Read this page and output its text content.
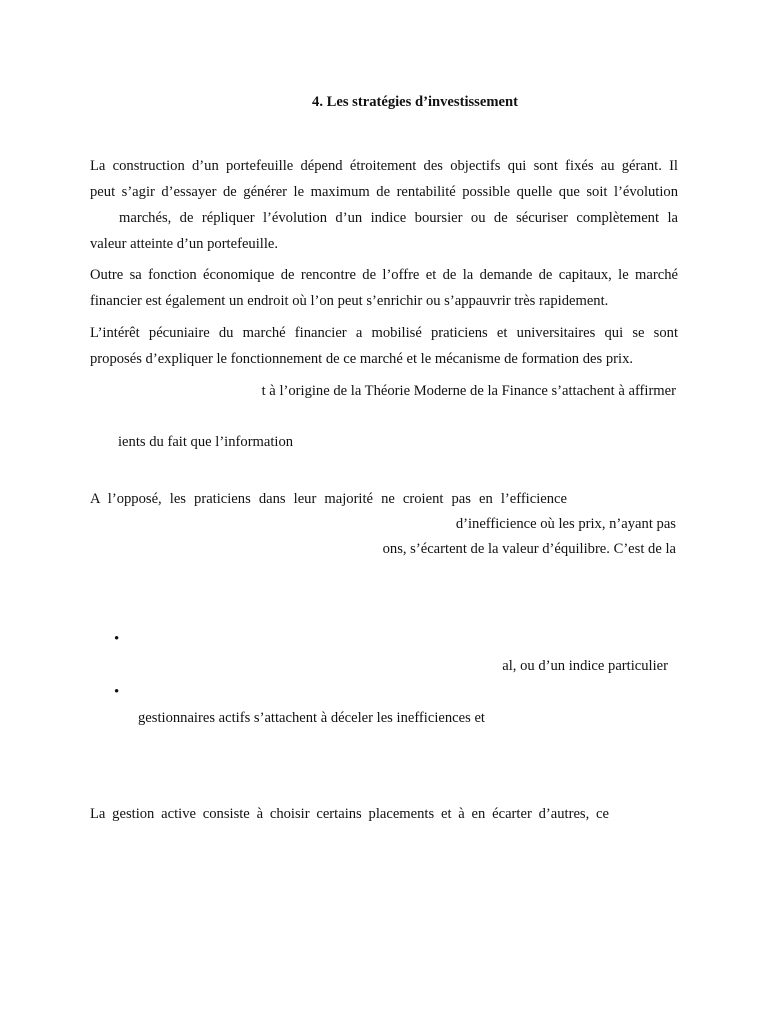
4. Les stratégies d’investissement

La construction d’un portefeuille dépend étroitement des objectifs qui sont fixés au gérant. Il

peut s’agir d’essayer de générer le maximum de rentabilité possible quelle que soit l’évolution

marchés, de répliquer l’évolution d’un indice boursier ou de sécuriser complètement la

valeur atteinte d’un portefeuille.

Outre sa fonction économique de rencontre de l’offre et de la demande de capitaux, le marché

financier est également un endroit où l’on peut s’enrichir ou s’appauvrir très rapidement.

L’intérêt pécuniaire du marché financier a mobilisé praticiens et universitaires qui se sont

proposés d’expliquer le fonctionnement de ce marché et le mécanisme de formation des prix.

t à l’origine de la Théorie Moderne de la Finance s’attachent à affirmer

ients du fait que l’information

A l’opposé, les praticiens dans leur majorité ne croient pas en l’efficience

d’inefficience où les prix, n’ayant pas

ons, s’écartent de la valeur d’équilibre. C’est de la

•

al, ou d’un indice particulier

•

gestionnaires actifs s’attachent à déceler les inefficiences et

La gestion active consiste à choisir certains placements et à en écarter d’autres, ce
